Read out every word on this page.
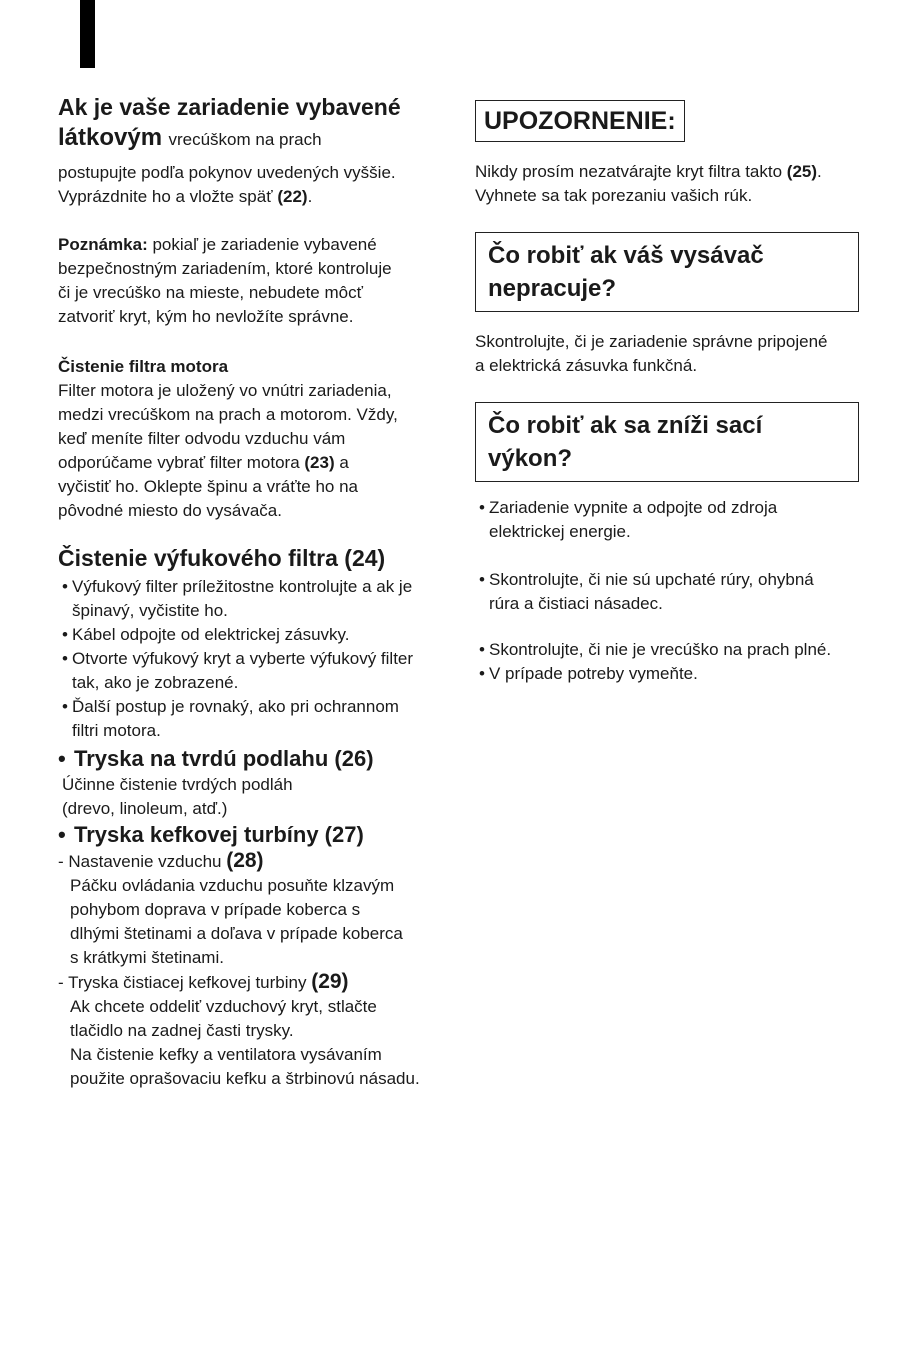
Ak je vaše zariadenie vybavené
látkovým vrecúškom na prach

postupujte podľa pokynov uvedených vyššie.
Vyprázdnite ho a vložte späť (22).

Poznámka: pokiaľ je zariadenie vybavené
bezpečnostným zariadením, ktoré kontroluje
či je vrecúško na mieste, nebudete môcť
zatvoriť kryt, kým ho nevložíte správne.

Čistenie filtra motora

Filter motora je uložený vo vnútri zariadenia,
medzi vrecúškom na prach a motorom. Vždy,
keď meníte filter odvodu vzduchu vám
odporúčame vybrať filter motora (23) a
vyčistiť ho. Oklepte špinu a vráťte ho na
pôvodné miesto do vysávača.

Čistenie výfukového filtra (24)
• Výfukový filter príležitostne kontrolujte a ak je
špinavý, vyčistite ho.
• Kábel odpojte od elektrickej zásuvky.
• Otvorte výfukový kryt a vyberte výfukový filter
tak, ako je zobrazené.
• Ďalší postup je rovnaký, ako pri ochrannom
filtri motora.
• Tryska na tvrdú podlahu (26)

Účinne čistenie tvrdých podláh
(drevo, linoleum, atď.)

• Tryska kefkovej turbíny (27)

- Nastavenie vzduchu (28)

Páčku ovládania vzduchu posuňte klzavým
pohybom doprava v prípade koberca s
dlhými štetinami a doľava v prípade koberca
s krátkymi štetinami.

- Tryska čistiacej kefkovej turbiny (29)

Ak chcete oddeliť vzduchový kryt, stlačte
tlačidlo na zadnej časti trysky.
Na čistenie kefky a ventilatora vysávaním
použite oprašovaciu kefku a štrbinovú násadu.

UPOZORNENIE:

Nikdy prosím nezatvárajte kryt filtra takto (25).
Vyhnete sa tak porezaniu vašich rúk.

Čo robiť ak váš vysávač
nepracuje?

Skontrolujte, či je zariadenie správne pripojené
a elektrická zásuvka funkčná.

Čo robiť ak sa zníži sací
výkon?
• Zariadenie vypnite a odpojte od zdroja
elektrickej energie.
• Skontrolujte, či nie sú upchaté rúry, ohybná
rúra a čistiaci násadec.
• Skontrolujte, či nie je vrecúško na prach plné.
• V prípade potreby vymeňte.
